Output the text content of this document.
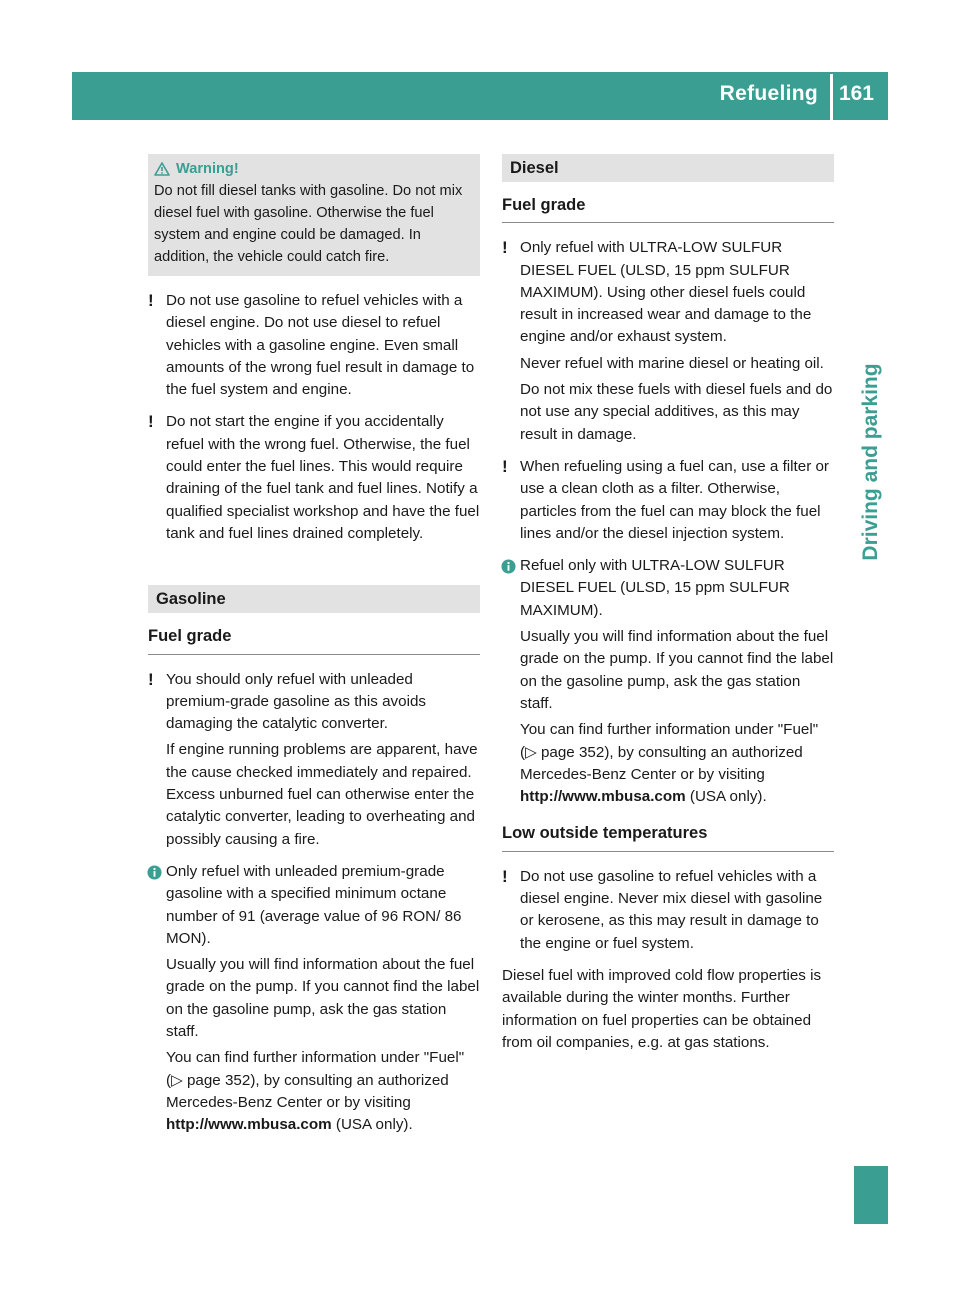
Refueling 161
Driving and parking
Warning!
Do not fill diesel tanks with gasoline. Do not mix diesel fuel with gasoline. Otherwise the fuel system and engine could be damaged. In addition, the vehicle could catch fire.
! Do not use gasoline to refuel vehicles with a diesel engine. Do not use diesel to refuel vehicles with a gasoline engine. Even small amounts of the wrong fuel result in damage to the fuel system and engine.

! Do not start the engine if you accidentally refuel with the wrong fuel. Otherwise, the fuel could enter the fuel lines. This would require draining of the fuel tank and fuel lines. Notify a qualified specialist workshop and have the fuel tank and fuel lines drained completely.

Gasoline
Fuel grade
! You should only refuel with unleaded premium-grade gasoline as this avoids damaging the catalytic converter.

If engine running problems are apparent, have the cause checked immediately and repaired. Excess unburned fuel can otherwise enter the catalytic converter, leading to overheating and possibly causing a fire.

Only refuel with unleaded premium-grade gasoline with a specified minimum octane number of 91 (average value of 96 RON/ 86 MON).

Usually you will find information about the fuel grade on the pump. If you cannot find the label on the gasoline pump, ask the gas station staff.

You can find further information under "Fuel" (▷ page 352), by consulting an authorized Mercedes-Benz Center or by visiting http://www.mbusa.com (USA only).

Diesel
Fuel grade
! Only refuel with ULTRA-LOW SULFUR DIESEL FUEL (ULSD, 15 ppm SULFUR MAXIMUM). Using other diesel fuels could result in increased wear and damage to the engine and/or exhaust system.

Never refuel with marine diesel or heating oil.

Do not mix these fuels with diesel fuels and do not use any special additives, as this may result in damage.

! When refueling using a fuel can, use a filter or use a clean cloth as a filter. Otherwise, particles from the fuel can may block the fuel lines and/or the diesel injection system.

Refuel only with ULTRA-LOW SULFUR DIESEL FUEL (ULSD, 15 ppm SULFUR MAXIMUM).

Usually you will find information about the fuel grade on the pump. If you cannot find the label on the gasoline pump, ask the gas station staff.

You can find further information under "Fuel" (▷ page 352), by consulting an authorized Mercedes-Benz Center or by visiting http://www.mbusa.com (USA only).

Low outside temperatures
! Do not use gasoline to refuel vehicles with a diesel engine. Never mix diesel with gasoline or kerosene, as this may result in damage to the engine or fuel system.

Diesel fuel with improved cold flow properties is available during the winter months. Further information on fuel properties can be obtained from oil companies, e.g. at gas stations.
